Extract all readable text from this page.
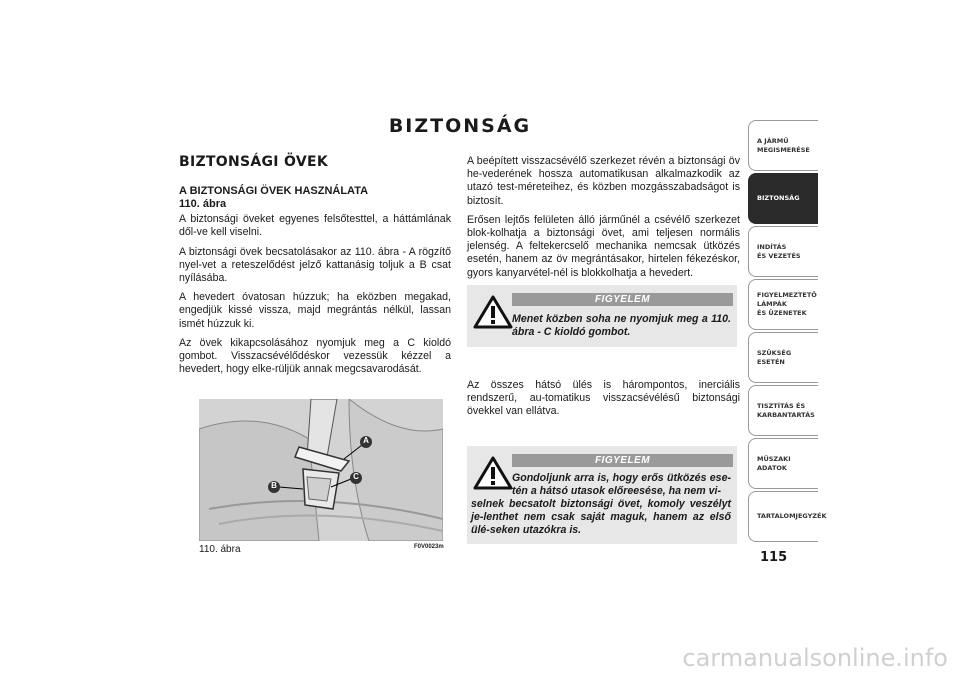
BIZTONSÁG
BIZTONSÁGI ÖVEK
A BIZTONSÁGI ÖVEK HASZNÁLATA
110. ábra

A biztonsági öveket egyenes felsőtesttel, a háttámlának dől-ve kell viselni.

A biztonsági övek becsatolásakor az 110. ábra - A rögzítő nyel-vet a reteszelődést jelző kattanásig toljuk a B csat nyílásába.

A hevedert óvatosan húzzuk; ha eközben megakad, engedjük kissé vissza, majd megrántás nélkül, lassan ismét húzzuk ki.

Az övek kikapcsolásához nyomjuk meg a C kioldó gombot. Visszacsévélődéskor vezessük kézzel a hevedert, hogy elke-rüljük annak megcsavarodását.

A beépített visszacsévélő szerkezet révén a biztonsági öv he-vederének hossza automatikusan alkalmazkodik az utazó test-méreteihez, és közben mozgásszabadságot is biztosít.

Erősen lejtős felületen álló járműnél a csévélő szerkezet blok-kolhatja a biztonsági övet, ami teljesen normális jelenség. A feltekercselő mechanika nemcsak ütközés esetén, hanem az öv megrántásakor, hirtelen fékezéskor, gyors kanyarvétel-nél is blokkolhatja a hevedert.

FIGYELEM
Menet közben soha ne nyomjuk meg a 110. ábra - C kioldó gombot.

Az összes hátsó ülés is hárompontos, inerciális rendszerű, au-tomatikus visszacsévélésű biztonsági övekkel van ellátva.

FIGYELEM
Gondoljunk arra is, hogy erős ütközés ese-tén a hátsó utasok előreesése, ha nem vi-
selnek becsatolt biztonsági övet, komoly veszélyt je-lenthet nem csak saját maguk, hanem az első ülé-seken utazókra is.
A
C
B
110. ábra	F0V0023m
A JÁRMŰ
MEGISMERÉSE
BIZTONSÁG
INDÍTÁS
ÉS VEZETÉS
FIGYELMEZTETŐ
LÁMPÁK
ÉS ÜZENETEK
SZÜKSÉG
ESETÉN
TISZTÍTÁS ÉS
KARBANTARTÁS
MŰSZAKI
ADATOK
TARTALOMJEGYZÉK
115
carmanualsonline.info
